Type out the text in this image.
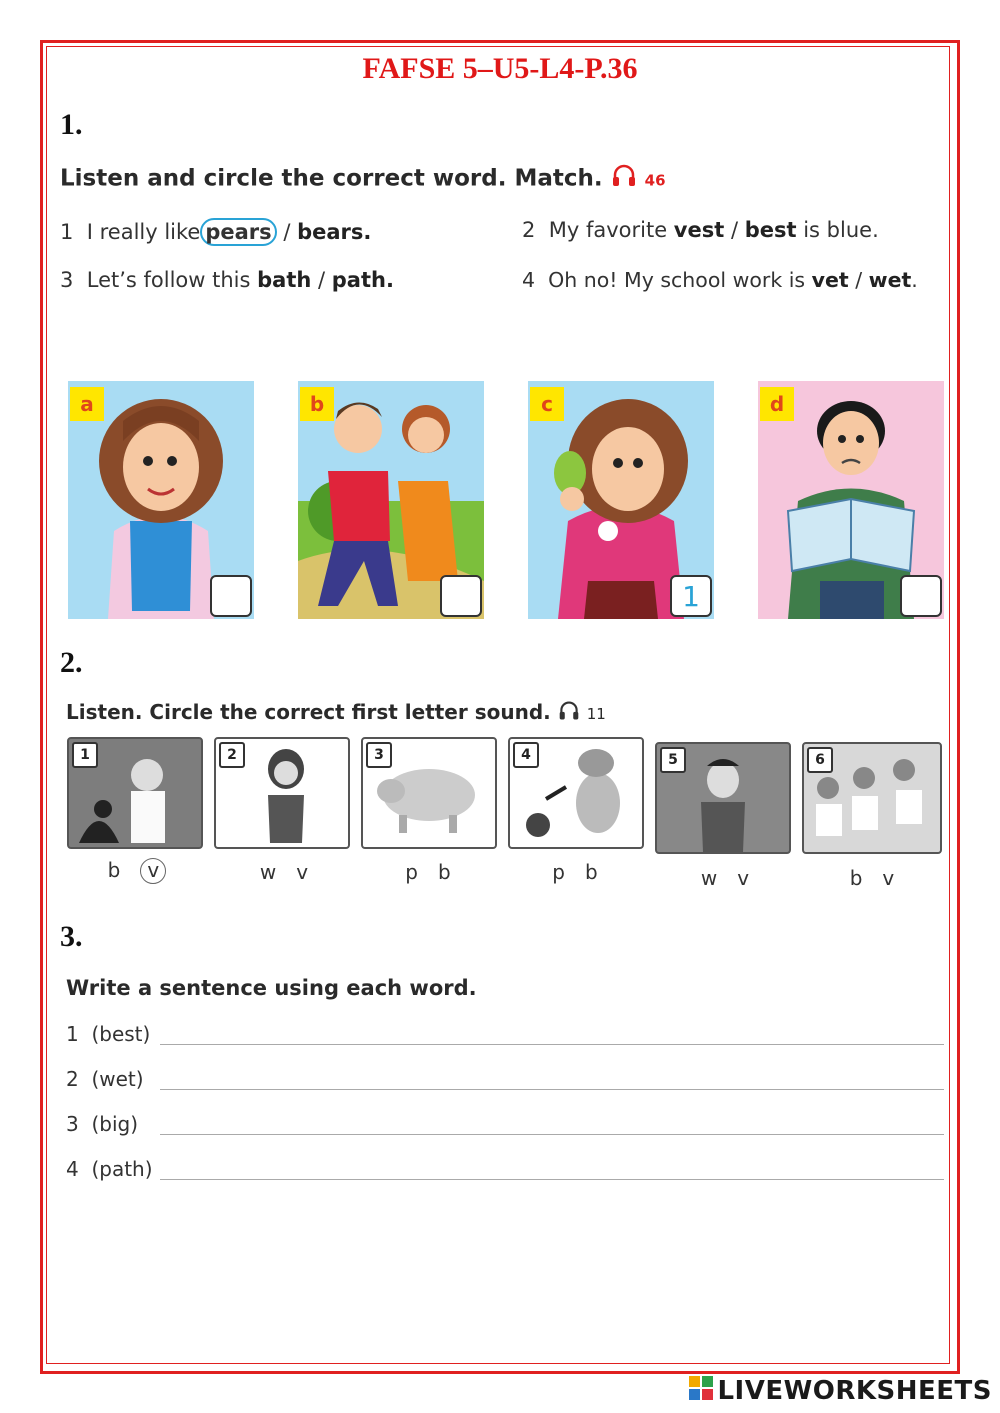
FAFSE 5–U5-L4-P.36
1.
Listen and circle the correct word. Match.	46
1 I really like pears / bears.	2 My favorite vest / best is blue.
3 Let’s follow this bath / path.	4 Oh no! My school work is vet / wet.
a	b	c
1
d
2.
Listen. Circle the correct first letter sound. 11
1	2	3	4	5	6
b v	w v	p b	p b	w v	b v
3.
Write a sentence using each word.
1 (best)
2 (wet)
3 (big)
4 (path)
LIVEWORKSHEETS
